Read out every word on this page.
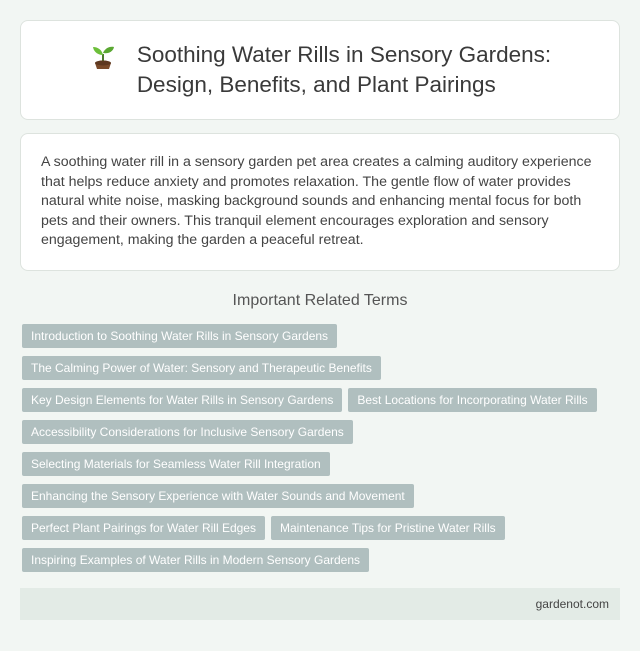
Soothing Water Rills in Sensory Gardens:
Design, Benefits, and Plant Pairings

A soothing water rill in a sensory garden pet area creates a calming auditory experience that helps reduce anxiety and promotes relaxation. The gentle flow of water provides natural white noise, masking background sounds and enhancing mental focus for both pets and their owners. This tranquil element encourages exploration and sensory engagement, making the garden a peaceful retreat.

Important Related Terms
Introduction to Soothing Water Rills in Sensory Gardens
The Calming Power of Water: Sensory and Therapeutic Benefits
Key Design Elements for Water Rills in Sensory Gardens	Best Locations for Incorporating Water Rills
Accessibility Considerations for Inclusive Sensory Gardens
Selecting Materials for Seamless Water Rill Integration
Enhancing the Sensory Experience with Water Sounds and Movement
Perfect Plant Pairings for Water Rill Edges	Maintenance Tips for Pristine Water Rills
Inspiring Examples of Water Rills in Modern Sensory Gardens
gardenot.com
